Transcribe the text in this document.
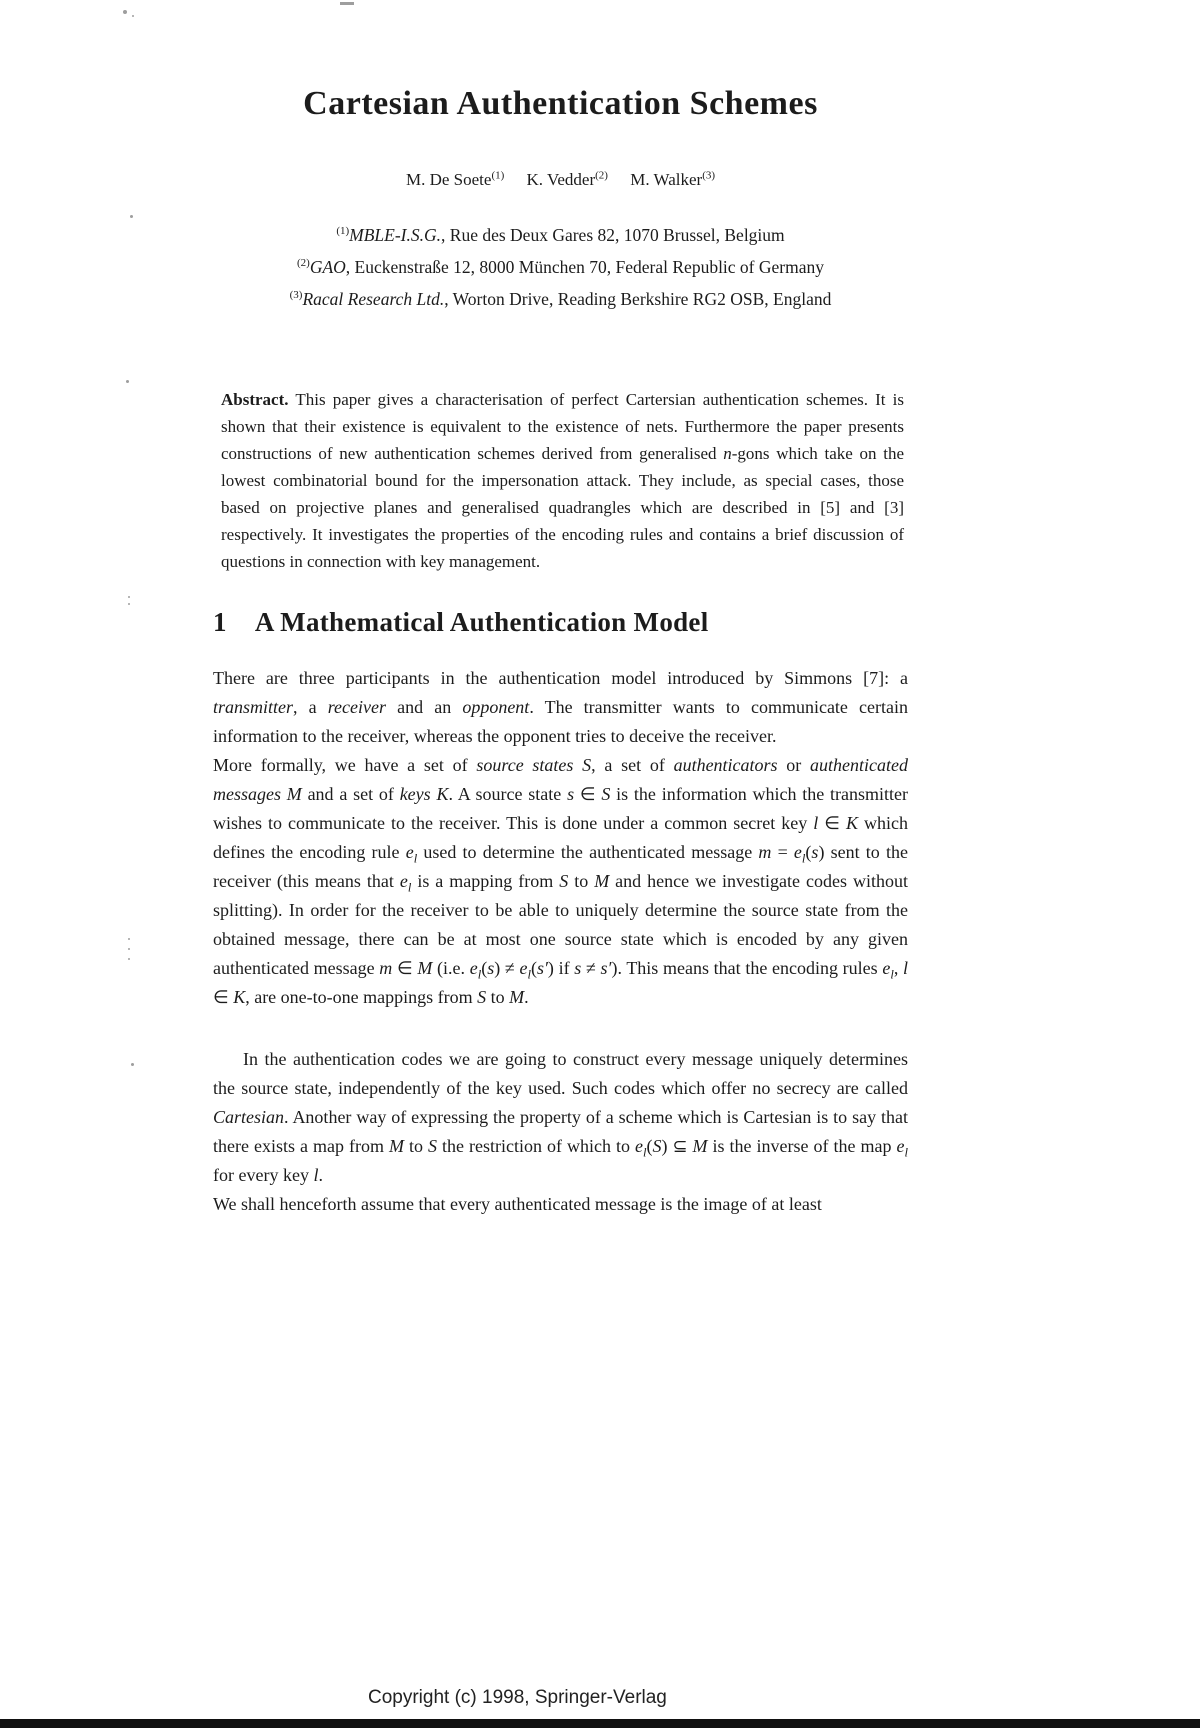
Cartesian Authentication Schemes
M. De Soete$^{(1)}$ K. Vedder$^{(2)}$ M. Walker$^{(3)}$
$^{(1)}$MBLE-I.S.G., Rue des Deux Gares 82, 1070 Brussel, Belgium
$^{(2)}$GAO, Euckenstraße 12, 8000 München 70, Federal Republic of Germany
$^{(3)}$Racal Research Ltd., Worton Drive, Reading Berkshire RG2 OSB, England

Abstract. This paper gives a characterisation of perfect Cartersian authentication schemes. It is shown that their existence is equivalent to the existence of nets. Furthermore the paper presents constructions of new authentication schemes derived from generalised n-gons which take on the lowest combinatorial bound for the impersonation attack. They include, as special cases, those based on projective planes and generalised quadrangles which are described in [5] and [3] respectively. It investigates the properties of the encoding rules and contains a brief discussion of questions in connection with key management.

1 A Mathematical Authentication Model

There are three participants in the authentication model introduced by Simmons [7]: a transmitter, a receiver and an opponent. The transmitter wants to communicate certain information to the receiver, whereas the opponent tries to deceive the receiver.
More formally, we have a set of source states S, a set of authenticators or authenticated messages M and a set of keys K. A source state s ∈ S is the information which the transmitter wishes to communicate to the receiver. This is done under a common secret key l ∈ K which defines the encoding rule $e_l$ used to determine the authenticated message $m = e_l(s)$ sent to the receiver (this means that $e_l$ is a mapping from S to M and hence we investigate codes without splitting). In order for the receiver to be able to uniquely determine the source state from the obtained message, there can be at most one source state which is encoded by any given authenticated message m ∈ M (i.e. $e_l(s) \ne e_l(s')$ if s ≠ s′). This means that the encoding rules $e_l$, l ∈ K, are one-to-one mappings from S to M.

In the authentication codes we are going to construct every message uniquely determines the source state, independently of the key used. Such codes which offer no secrecy are called Cartesian. Another way of expressing the property of a scheme which is Cartesian is to say that there exists a map from M to S the restriction of which to $e_l(S)$ ⊆ M is the inverse of the map $e_l$ for every key l.
We shall henceforth assume that every authenticated message is the image of at least

Copyright (c) 1998, Springer-Verlag
